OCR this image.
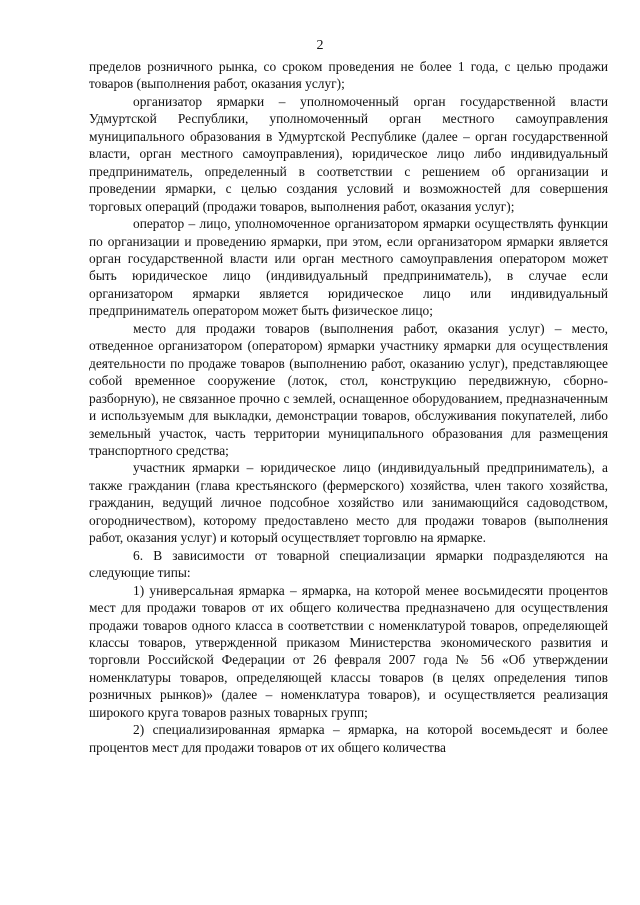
2

пределов розничного рынка, со сроком проведения не более 1 года, с целью продажи товаров (выполнения работ, оказания услуг);

организатор ярмарки – уполномоченный орган государственной власти Удмуртской Республики, уполномоченный орган местного самоуправления муниципального образования в Удмуртской Республике (далее – орган государственной власти, орган местного самоуправления), юридическое лицо либо индивидуальный предприниматель, определенный в соответствии с решением об организации и проведении ярмарки, с целью создания условий и возможностей для совершения торговых операций (продажи товаров, выполнения работ, оказания услуг);

оператор – лицо, уполномоченное организатором ярмарки осуществлять функции по организации и проведению ярмарки, при этом, если организатором ярмарки является орган государственной власти или орган местного самоуправления оператором может быть юридическое лицо (индивидуальный предприниматель), в случае если организатором ярмарки является юридическое лицо или индивидуальный предприниматель оператором может быть физическое лицо;

место для продажи товаров (выполнения работ, оказания услуг) – место, отведенное организатором (оператором) ярмарки участнику ярмарки для осуществления деятельности по продаже товаров (выполнению работ, оказанию услуг), представляющее собой временное сооружение (лоток, стол, конструкцию передвижную, сборно-разборную), не связанное прочно с землей, оснащенное оборудованием, предназначенным и используемым для выкладки, демонстрации товаров, обслуживания покупателей, либо земельный участок, часть территории муниципального образования для размещения транспортного средства;

участник ярмарки – юридическое лицо (индивидуальный предприниматель), а также гражданин (глава крестьянского (фермерского) хозяйства, член такого хозяйства, гражданин, ведущий личное подсобное хозяйство или занимающийся садоводством, огородничеством), которому предоставлено место для продажи товаров (выполнения работ, оказания услуг) и который осуществляет торговлю на ярмарке.

6. В зависимости от товарной специализации ярмарки подразделяются на следующие типы:

1) универсальная ярмарка – ярмарка, на которой менее восьмидесяти процентов мест для продажи товаров от их общего количества предназначено для осуществления продажи товаров одного класса в соответствии с номенклатурой товаров, определяющей классы товаров, утвержденной приказом Министерства экономического развития и торговли Российской Федерации от 26 февраля 2007 года № 56 «Об утверждении номенклатуры товаров, определяющей классы товаров (в целях определения типов розничных рынков)» (далее – номенклатура товаров), и осуществляется реализация широкого круга товаров разных товарных групп;

2) специализированная ярмарка – ярмарка, на которой восемьдесят и более процентов мест для продажи товаров от их общего количества
